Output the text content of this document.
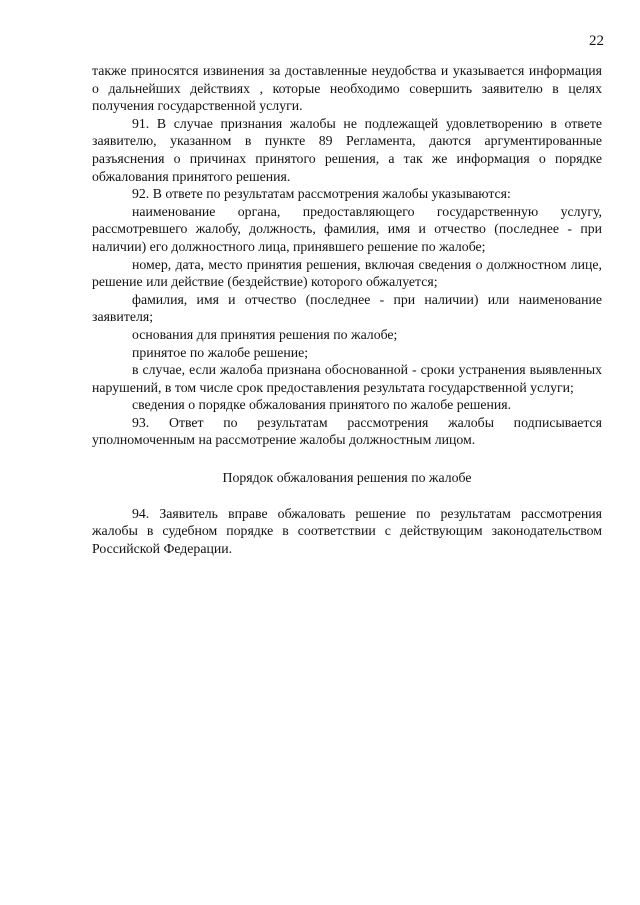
22

также приносятся извинения за доставленные неудобства и указывается информация о дальнейших действиях , которые необходимо совершить заявителю в целях получения государственной услуги.

91. В случае признания жалобы не подлежащей удовлетворению в ответе заявителю, указанном в пункте 89 Регламента, даются аргументированные разъяснения о причинах принятого решения, а так же информация о порядке обжалования принятого решения.

92. В ответе по результатам рассмотрения жалобы указываются:

наименование органа, предоставляющего государственную услугу, рассмотревшего жалобу, должность, фамилия, имя и отчество (последнее - при наличии) его должностного лица, принявшего решение по жалобе;

номер, дата, место принятия решения, включая сведения о должностном лице, решение или действие (бездействие) которого обжалуется;

фамилия, имя и отчество (последнее - при наличии) или наименование заявителя;

основания для принятия решения по жалобе;

принятое по жалобе решение;

в случае, если жалоба признана обоснованной - сроки устранения выявленных нарушений, в том числе срок предоставления результата государственной услуги;

сведения о порядке обжалования принятого по жалобе решения.

93. Ответ по результатам рассмотрения жалобы подписывается уполномоченным на рассмотрение жалобы должностным лицом.

Порядок обжалования решения по жалобе

94. Заявитель вправе обжаловать решение по результатам рассмотрения жалобы в судебном порядке в соответствии с действующим законодательством Российской Федерации.
